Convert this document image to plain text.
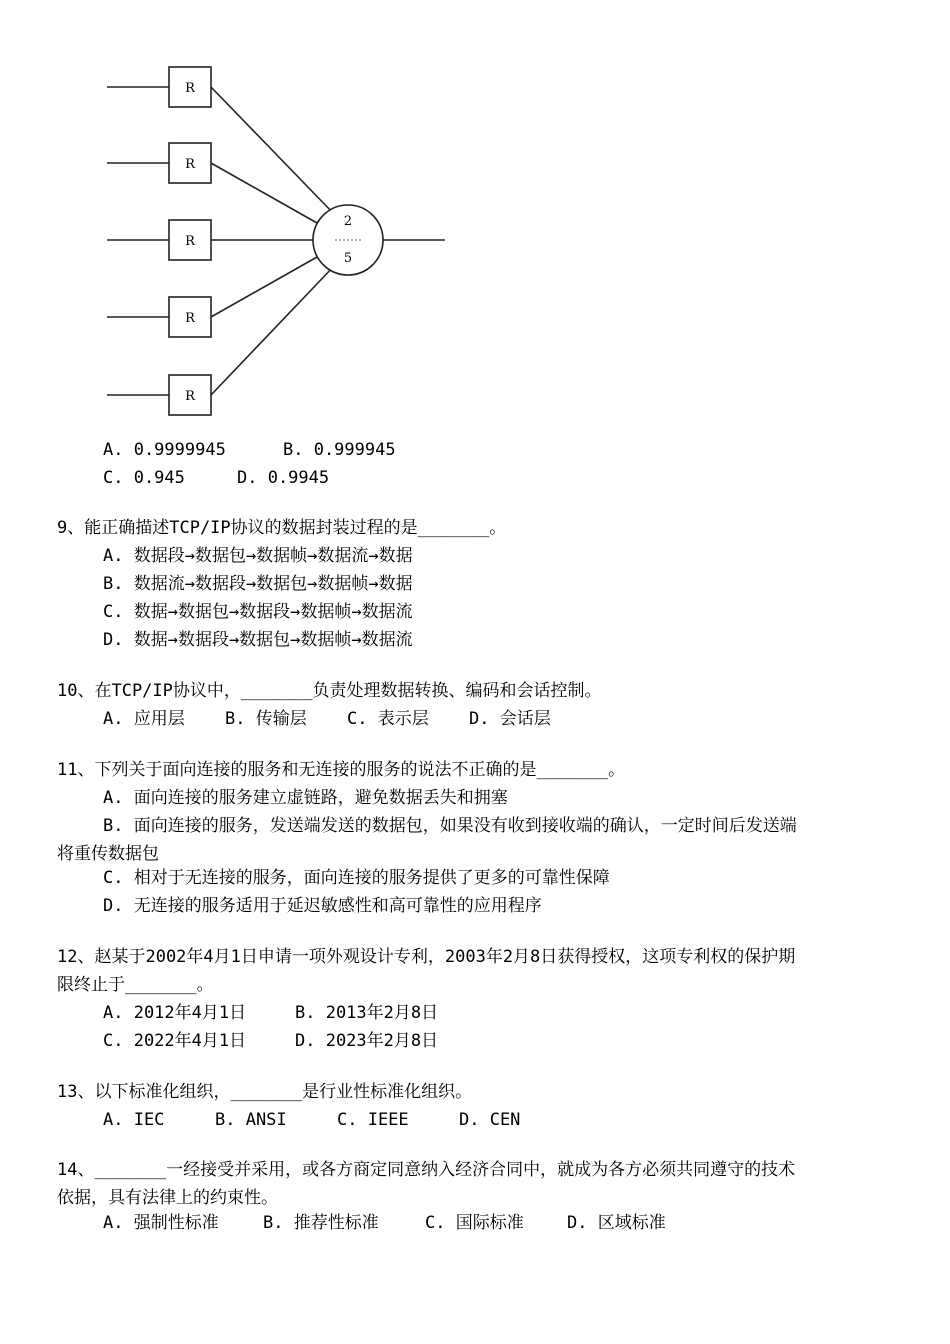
R
R
R
R
R
2
5
A. 0.9999945	B. 0.999945
C. 0.945	D. 0.9945
9、能正确描述TCP/IP协议的数据封装过程的是_______。
A. 数据段→数据包→数据帧→数据流→数据
B. 数据流→数据段→数据包→数据帧→数据
C. 数据→数据包→数据段→数据帧→数据流
D. 数据→数据段→数据包→数据帧→数据流
10、在TCP/IP协议中，_______负责处理数据转换、编码和会话控制。
A. 应用层 B. 传输层 C. 表示层 D. 会话层
11、下列关于面向连接的服务和无连接的服务的说法不正确的是_______。
A. 面向连接的服务建立虚链路，避免数据丢失和拥塞
B. 面向连接的服务，发送端发送的数据包，如果没有收到接收端的确认，一定时间后发送端
将重传数据包
C. 相对于无连接的服务，面向连接的服务提供了更多的可靠性保障
D. 无连接的服务适用于延迟敏感性和高可靠性的应用程序
12、赵某于2002年4月1日申请一项外观设计专利，2003年2月8日获得授权，这项专利权的保护期
限终止于_______。
A. 2012年4月1日	B. 2013年2月8日
C. 2022年4月1日	D. 2023年2月8日
13、以下标准化组织，_______是行业性标准化组织。
A. IEC	B. ANSI	C. IEEE	D. CEN
14、_______一经接受并采用，或各方商定同意纳入经济合同中，就成为各方必须共同遵守的技术
依据，具有法律上的约束性。
A. 强制性标准	B. 推荐性标准	C. 国际标准	D. 区域标准
